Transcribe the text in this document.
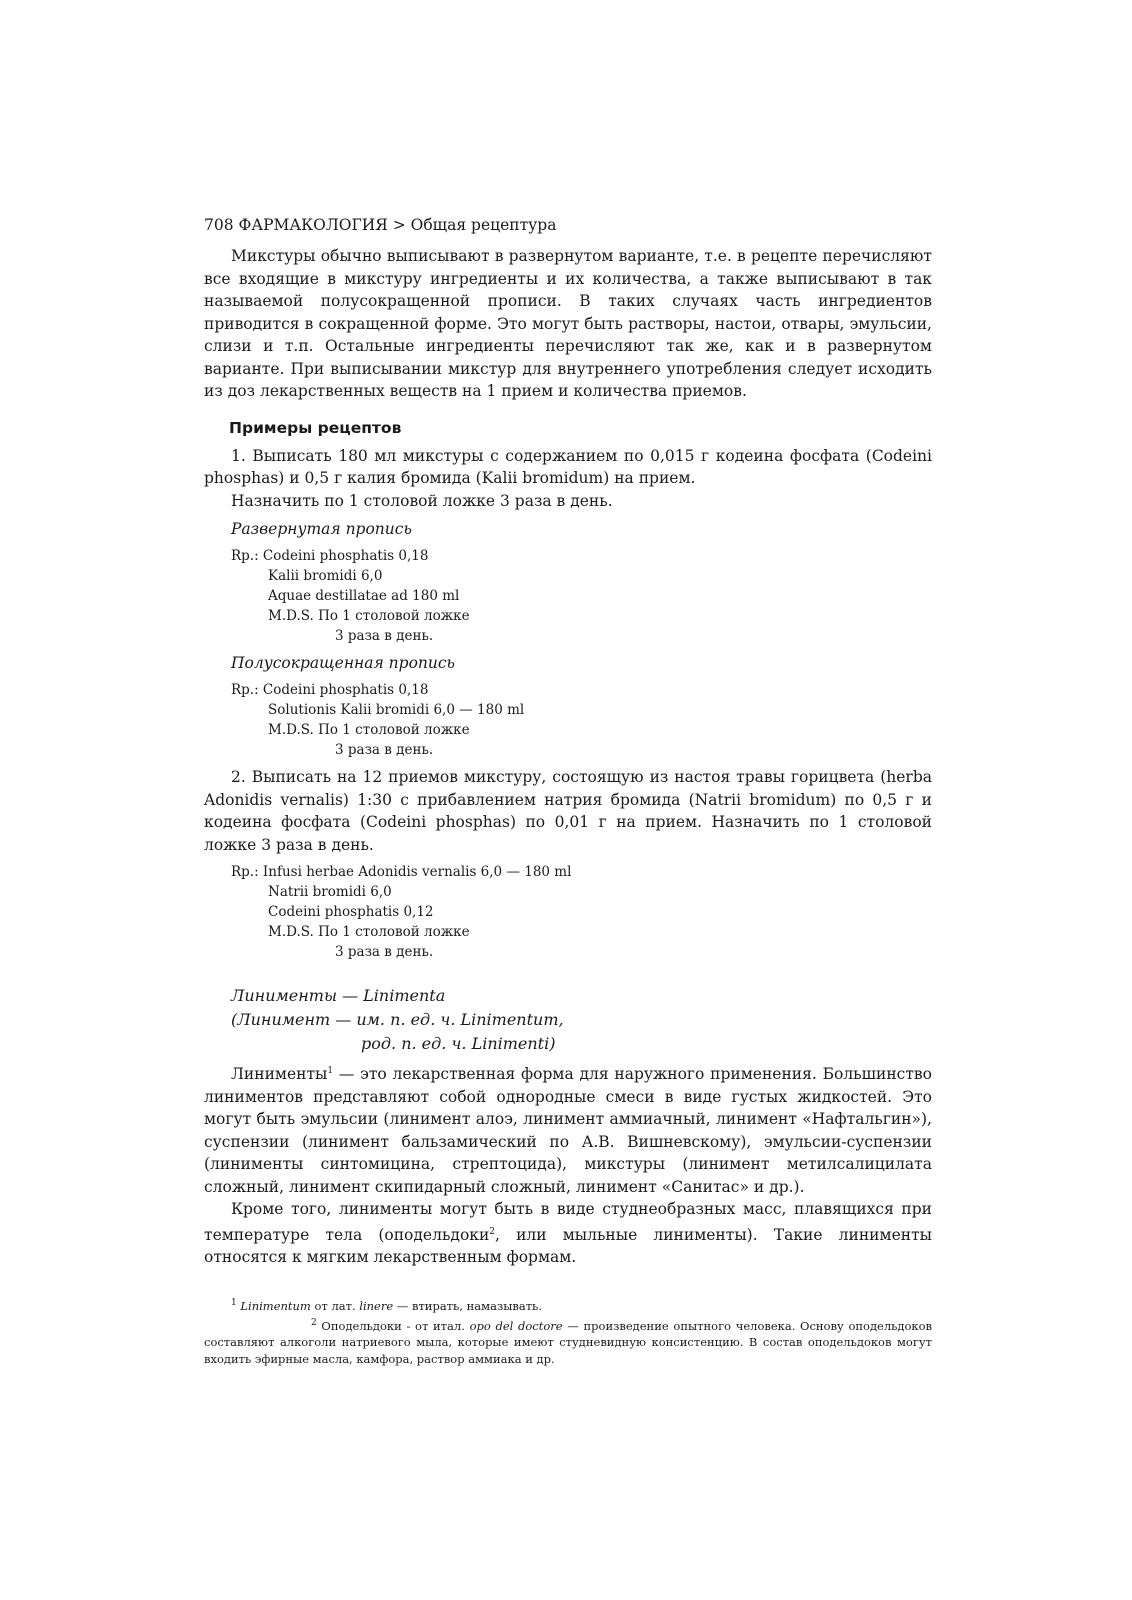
708 ФАРМАКОЛОГИЯ > Общая рецептура

Микстуры обычно выписывают в развернутом варианте, т.е. в рецепте перечисляют все входящие в микстуру ингредиенты и их количества, а также выписывают в так называемой полусокращенной прописи. В таких случаях часть ингредиентов приводится в сокращенной форме. Это могут быть растворы, настои, отвары, эмульсии, слизи и т.п. Остальные ингредиенты перечисляют так же, как и в развернутом варианте. При выписывании микстур для внутреннего употребления следует исходить из доз лекарственных веществ на 1 прием и количества приемов.

Примеры рецептов

1. Выписать 180 мл микстуры с содержанием по 0,015 г кодеина фосфата (Codeini phosphas) и 0,5 г калия бромида (Kalii bromidum) на прием.

Назначить по 1 столовой ложке 3 раза в день.

Развернутая пропись
Rp.: Codeini phosphatis 0,18
Kalii bromidi 6,0
Aquae destillatae ad 180 ml
M.D.S. По 1 столовой ложке
3 раза в день.
Полусокращенная пропись
Rp.: Codeini phosphatis 0,18
Solutionis Kalii bromidi 6,0 — 180 ml
M.D.S. По 1 столовой ложке
3 раза в день.

2. Выписать на 12 приемов микстуру, состоящую из настоя травы горицвета (herba Adonidis vernalis) 1:30 с прибавлением натрия бромида (Natrii bromidum) по 0,5 г и кодеина фосфата (Codeini phosphas) по 0,01 г на прием. Назначить по 1 столовой ложке 3 раза в день.

Rp.: Infusi herbae Adonidis vernalis 6,0 — 180 ml
Natrii bromidi 6,0
Codeini phosphatis 0,12
M.D.S. По 1 столовой ложке
3 раза в день.
Линименты — Linimenta
(Линимент — им. п. ед. ч. Linimentum,
род. п. ед. ч. Linimenti)

Линименты$^1$ — это лекарственная форма для наружного применения. Большинство линиментов представляют собой однородные смеси в виде густых жидкостей. Это могут быть эмульсии (линимент алоэ, линимент аммиачный, линимент «Нафтальгин»), суспензии (линимент бальзамический по А.В. Вишневскому), эмульсии-суспензии (линименты синтомицина, стрептоцида), микстуры (линимент метилсалицилата сложный, линимент скипидарный сложный, линимент «Санитас» и др.).

Кроме того, линименты могут быть в виде студнеобразных масс, плавящихся при температуре тела (оподельдоки$^2$, или мыльные линименты). Такие линименты относятся к мягким лекарственным формам.

$^1$ Linimentum от лат. linere — втирать, намазывать.
$^2$ Оподельдоки - от итал. opo del doctore — произведение опытного человека. Основу оподельдоков составляют алкоголи натриевого мыла, которые имеют студневидную консистенцию. В состав оподельдоков могут входить эфирные масла, камфора, раствор аммиака и др.
